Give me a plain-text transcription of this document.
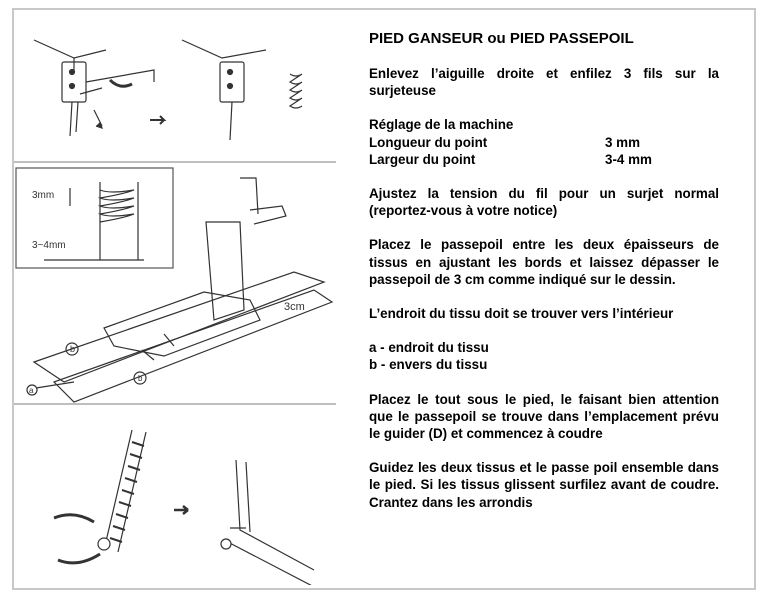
3mm
3~4mm
3cm
b
b
a
PIED GANSEUR ou PIED PASSEPOIL
Enlevez l’aiguille droite et enfilez 3 fils sur la surjeteuse
Réglage de la machine
Longueur du point	3 mm
Largeur du point	3-4 mm
Ajustez la tension du fil pour un surjet normal (reportez-vous à votre notice)
Placez le passepoil entre les deux épaisseurs de tissus en ajustant les bords et laissez dépasser le passepoil de 3 cm comme indiqué sur le dessin.
L’endroit du tissu doit se trouver vers l’intérieur
a - endroit du tissu
b - envers du tissu
Placez le tout sous le pied, le faisant bien attention que le passepoil se trouve dans l’emplacement prévu le guider (D) et commencez à coudre
Guidez les deux tissus et le passe poil ensemble dans le pied. Si les tissus glissent surfilez avant de coudre. Crantez dans les arrondis
